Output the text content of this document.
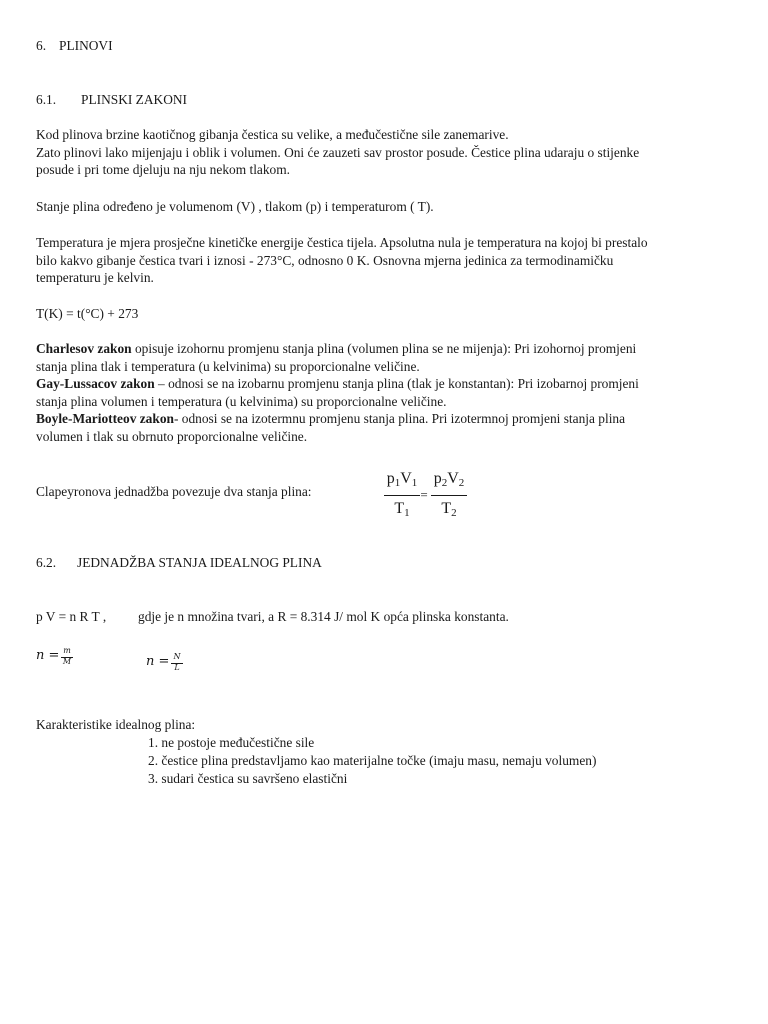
6. PLINOVI
6.1. PLINSKI ZAKONI
Kod plinova brzine kaotičnog gibanja čestica su velike, a međučestične sile zanemarive.
Zato plinovi lako mijenjaju i oblik i volumen. Oni će zauzeti sav prostor posude. Čestice plina udaraju o stijenke
posude i pri tome djeluju na nju nekom tlakom.
Stanje plina određeno je volumenom (V) , tlakom (p) i temperaturom ( T).
Temperatura je mjera prosječne kinetičke energije čestica tijela. Apsolutna nula je temperatura na kojoj bi prestalo
bilo kakvo gibanje čestica tvari i iznosi - 273°C, odnosno 0 K. Osnovna mjerna jedinica za termodinamičku
temperaturu je kelvin.
T(K) = t(°C) + 273
Charlesov zakon opisuje izohornu promjenu stanja plina (volumen plina se ne mijenja): Pri izohornoj promjeni
stanja plina tlak i temperatura (u kelvinima) su proporcionalne veličine.
Gay-Lussacov zakon – odnosi se na izobarnu promjenu stanja plina (tlak je konstantan): Pri izobarnoj promjeni
stanja plina volumen i temperatura (u kelvinima) su proporcionalne veličine.
Boyle-Mariotteov zakon- odnosi se na izotermnu promjenu stanja plina. Pri izotermnoj promjeni stanja plina
volumen i tlak su obrnuto proporcionalne veličine.
Clapeyronova jednadžba povezuje dva stanja plina:
$p_1V_1$
$T_1$
=
$p_2V_2$
$T_2$
6.2. JEDNADŽBA STANJA IDEALNOG PLINA
p V = n R T , gdje je n množina tvari, a R = 8.314 J/ mol K opća plinska konstanta.
n = m
M	n = N
L
Karakteristike idealnog plina:
1. ne postoje međučestične sile
2. čestice plina predstavljamo kao materijalne točke (imaju masu, nemaju volumen)
3. sudari čestica su savršeno elastični
